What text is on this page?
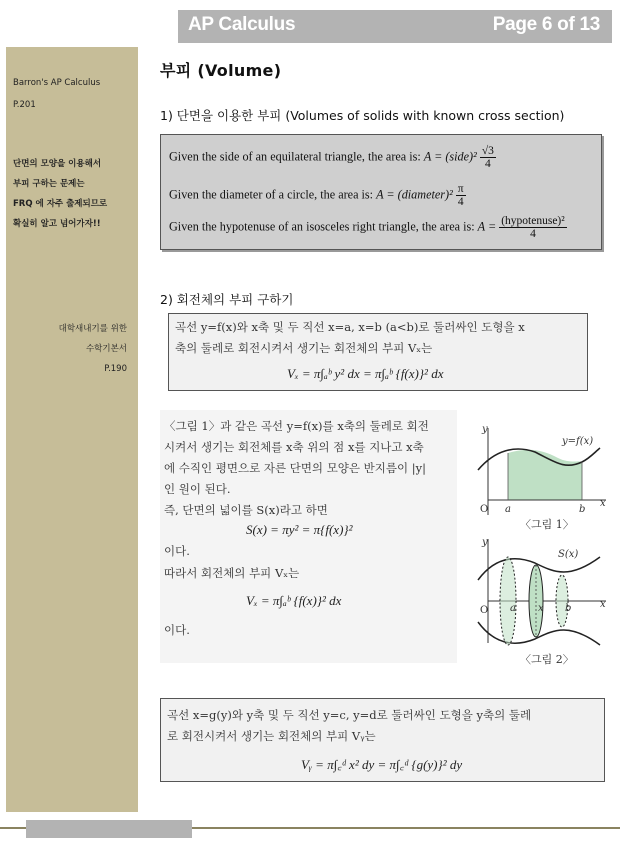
AP Calculus	Page 6 of 13
Barron's AP Calculus
P.201
단면의 모양을 이용해서
부피 구하는 문제는
FRQ 에 자주 출제되므로
확실히 알고 넘어가자!!
대학새내기를 위한
수학기본서
P.190
부피 (Volume)
1) 단면을 이용한 부피 (Volumes of solids with known cross section)
Given the side of an equilateral triangle, the area is: A = (side)² $\frac{√3}{4}$
Given the diameter of a circle, the area is: A = (diameter)² $\frac{\pi}{4}$
Given the hypotenuse of an isosceles right triangle, the area is: $A = \frac{\text{(hypotenuse)²}}{4}$
2) 회전체의 부피 구하기
곡선 y=f(x)와 x축 및 두 직선 x=a, x=b (a<b)로 둘러싸인 도형을 x
축의 둘레로 회전시켜서 생기는 회전체의 부피 Vₓ는
Vₓ = π∫ₐᵇ y² dx = π∫ₐᵇ {f(x)}² dx
〈그림 1〉과 같은 곡선 y=f(x)를 x축의 둘레로 회전
시켜서 생기는 회전체를 x축 위의 점 x를 지나고 x축
에 수직인 평면으로 자른 단면의 모양은 반지름이 |y|
인 원이 된다.
즉, 단면의 넓이를 S(x)라고 하면
S(x) = πy² = π{f(x)}²
이다.
따라서 회전체의 부피 Vₓ는
Vₓ = π∫ₐᵇ {f(x)}² dx
이다.
y
x
O a	b
y=f(x)
〈그림 1〉
y
x
O a x b
S(x)
〈그림 2〉
곡선 x=g(y)와 y축 및 두 직선 y=c, y=d로 둘러싸인 도형을 y축의 둘레
로 회전시켜서 생기는 회전체의 부피 Vᵧ는
Vᵧ = π∫꜀ᵈ x² dy = π∫꜀ᵈ {g(y)}² dy
